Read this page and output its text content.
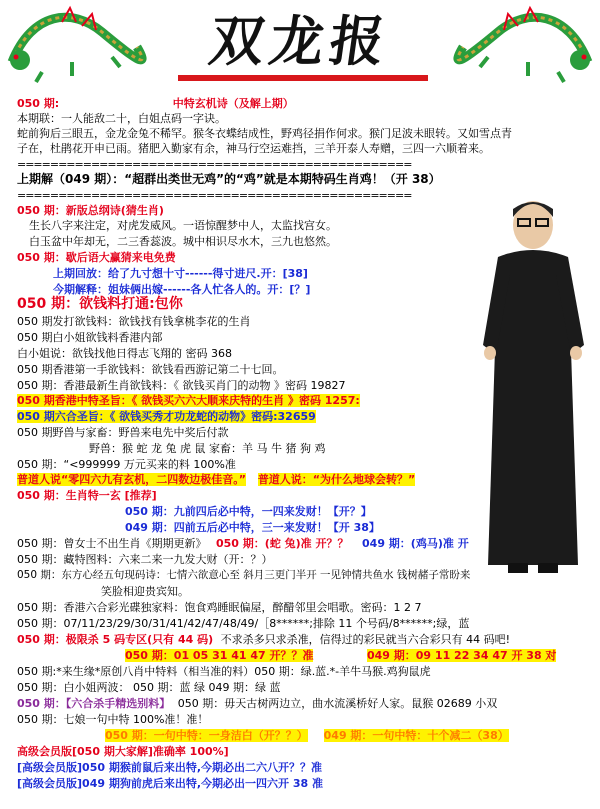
双龙报
050 期:	中特玄机诗（及解上期）
本期联：一人能敌二十，白姐点码一字诀。
蛇前狗后三眼五，金龙金兔不稀罕。猴冬衣蝶结成性，野鸡径捐作何求。猴门足波未眼转。又如雪点青
子在，杜鹃花开申已雨。猪肥入勤家有余，神马行空运难挡，三羊开泰人寿赠，三四一六顺着来。
================================================
上期解（049 期）：“超群出类世无鸡”的“鸡”就是本期特码生肖鸡！（开 38）
================================================
050 期：新版总纲诗(猜生肖)
生长八字来注定，对虎发威风。一语惊醒梦中人，太监找宫女。
白玉盆中年却无，二三香蕊波。城中相识尽水木，三九也悠然。
050 期：歇后语大赢猜来电免费
上期回放：给了九寸想十寸------得寸进尺.开：[38]
今期解释：姐妹俩出嫁------各人忙各人的。开：[？]
050 期：欲钱料打通:包你
050 期发打欲钱料：欲钱找有钱拿桃李花的生肖
050 期白小姐欲钱料香港内部
白小姐说：欲钱找他日得志飞翔的 密码 368
050 期香港第一手欲钱料：欲钱看西游记第二十七回。
050 期：香港最新生肖欲钱料：《 欲钱买肖门的动物 》密码 19827
050 期香港中特圣旨：《 欲钱买六六大顺来庆特的生肖 》密码 1257:
050 期六合圣旨：《 欲钱买秀才功龙蛇的动物》密码:32659
050 期野兽与家畜：野兽来电先中奖后付款
野兽：猴 蛇 龙 兔 虎 鼠 家畜：羊 马 牛 猪 狗 鸡
050 期：“<999999 万元买来的料 100%准
普道人说“零四六九有玄机，二四数边极佳音。” 普道人说：“为什么地球会转？”
050 期：生肖特一玄 [推荐]
050 期：九前四后必中特，一四来发财！【开？】
049 期：四前五后必中特，三一来发财！【开 38】
050 期：曾女士不出生肖《期期更新》 050 期：(蛇 兔)准 开？？ 049 期：(鸡马)准 开
050 期：藏特图料：六来二来一九发大财（开：？）
050 期：东方心经五句现码诗：七情六欲意心至 斜月三更门半开 一见钟情共鱼水 钱树赭子常盼来
笑脸相迎贵宾知。
050 期：香港六合彩光碟独家料：饱食鸡睡眠偏屋，醉醋邻里会唱歌。密码：1 2 7
050 期：07/11/23/29/30/31/41/42/47/48/49/［8******;排除 11 个号码/8******;绿，蓝
050 期：极限杀 5 码专区(只有 44 码) 不求杀多只求杀准，信得过的彩民就当六合彩只有 44 码吧!
050 期：01 05 31 41 47 开？？准	049 期：09 11 22 34 47 开 38 对
050 期:*来生缘*原创八肖中特料（相当准的料）050 期：绿.蓝.*-羊牛马猴.鸡狗鼠虎
050 期：白小姐两波： 050 期：蓝 绿 049 期：绿 蓝
050 期：【六合杀手精选别料】 050 期：毋天古树两边立，曲水流溪桥好人家。鼠猴 02689 小双
050 期：七娘一句中特 100%准！准！
050 期：一句中特：一身洁白（开？？） 049 期：一句中特：十个减二（38）
高级会员版[050 期大家解]准确率 100%]
[高级会员版]050 期猴前鼠后来出特,今期必出二六八开？？准
[高级会员版]049 期狗前虎后来出特,今期必出一四六开 38 准
